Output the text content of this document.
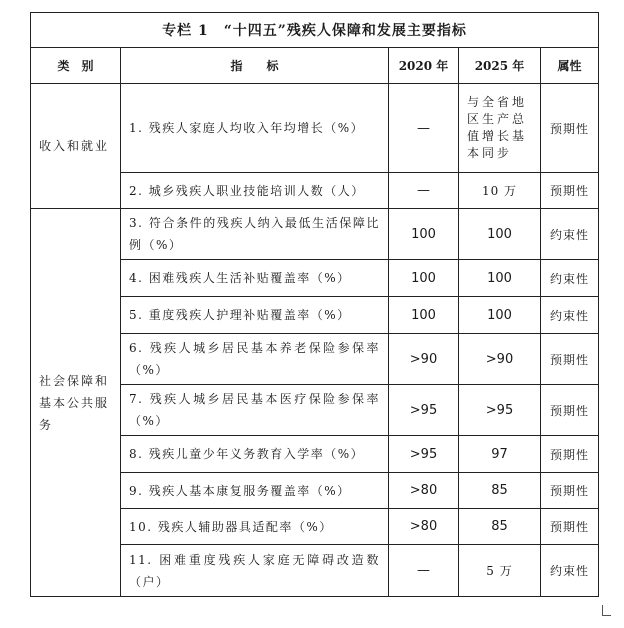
专栏 1　“十四五”残疾人保障和发展主要指标				
类　别	指　　标	2020 年	2025 年	属性
收入和就业	1. 残疾人家庭人均收入年均增长（%）	—	与全省地区生产总值增长基本同步	预期性
	2. 城乡残疾人职业技能培训人数（人）	—	10 万	预期性
社会保障和基本公共服务	3. 符合条件的残疾人纳入最低生活保障比例（%）	100	100	约束性
	4. 困难残疾人生活补贴覆盖率（%）	100	100	约束性
	5. 重度残疾人护理补贴覆盖率（%）	100	100	约束性
	6. 残疾人城乡居民基本养老保险参保率（%）	>90	>90	预期性
	7. 残疾人城乡居民基本医疗保险参保率（%）	>95	>95	预期性
	8. 残疾儿童少年义务教育入学率（%）	>95	97	预期性
	9. 残疾人基本康复服务覆盖率（%）	>80	85	预期性
	10. 残疾人辅助器具适配率（%）	>80	85	预期性
	11. 困难重度残疾人家庭无障碍改造数（户）	—	5 万	约束性
